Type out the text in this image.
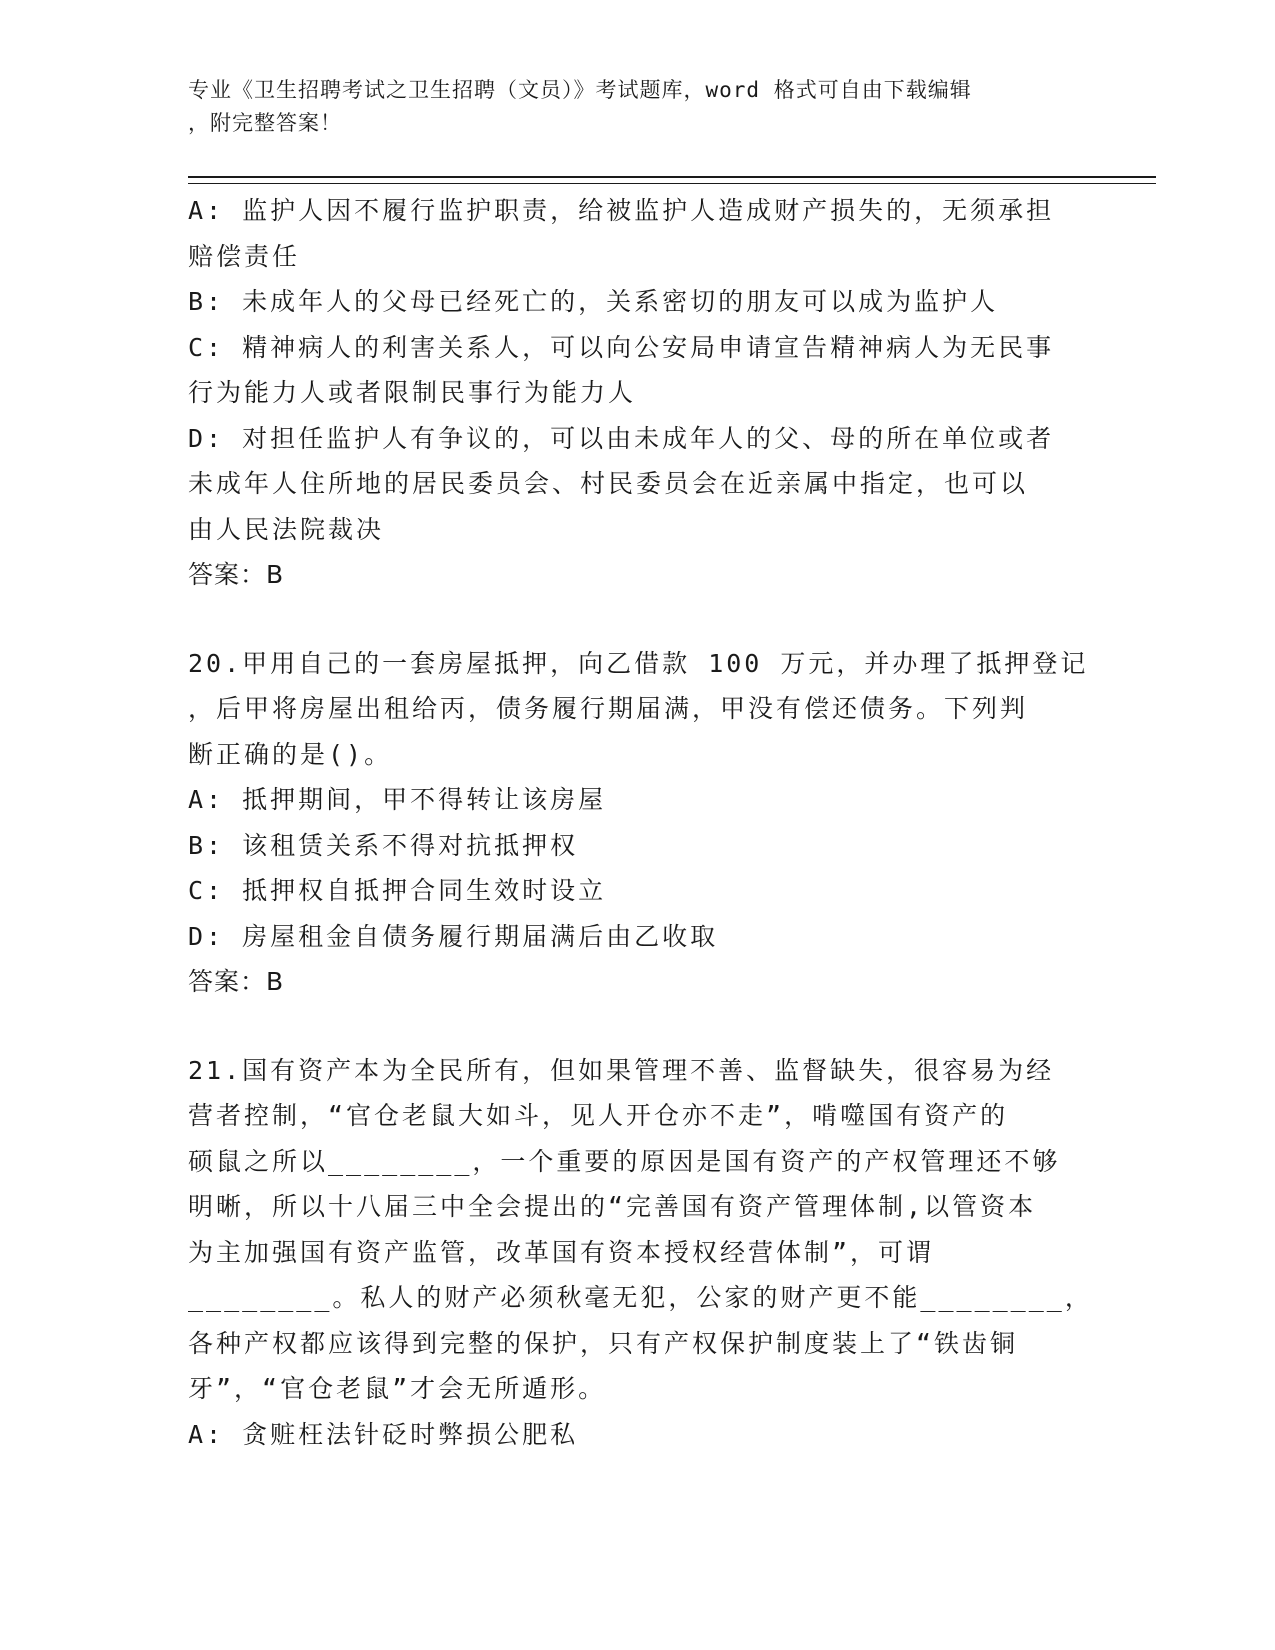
专业《卫生招聘考试之卫生招聘（文员）》考试题库，word 格式可自由下载编辑
，附完整答案！
A: 监护人因不履行监护职责，给被监护人造成财产损失的，无须承担
赔偿责任
B: 未成年人的父母已经死亡的，关系密切的朋友可以成为监护人
C: 精神病人的利害关系人，可以向公安局申请宣告精神病人为无民事
行为能力人或者限制民事行为能力人
D: 对担任监护人有争议的，可以由未成年人的父、母的所在单位或者
未成年人住所地的居民委员会、村民委员会在近亲属中指定，也可以
由人民法院裁决
答案：B
20.甲用自己的一套房屋抵押，向乙借款 100 万元，并办理了抵押登记
，后甲将房屋出租给丙，债务履行期届满，甲没有偿还债务。下列判
断正确的是()。
A: 抵押期间，甲不得转让该房屋
B: 该租赁关系不得对抗抵押权
C: 抵押权自抵押合同生效时设立
D: 房屋租金自债务履行期届满后由乙收取
答案：B
21.国有资产本为全民所有，但如果管理不善、监督缺失，很容易为经
营者控制，“官仓老鼠大如斗，见人开仓亦不走”，啃噬国有资产的
硕鼠之所以________，一个重要的原因是国有资产的产权管理还不够
明晰，所以十八届三中全会提出的“完善国有资产管理体制,以管资本
为主加强国有资产监管，改革国有资本授权经营体制”，可谓
________。私人的财产必须秋毫无犯，公家的财产更不能________，
各种产权都应该得到完整的保护，只有产权保护制度装上了“铁齿铜
牙”，“官仓老鼠”才会无所遁形。
A: 贪赃枉法针砭时弊损公肥私
